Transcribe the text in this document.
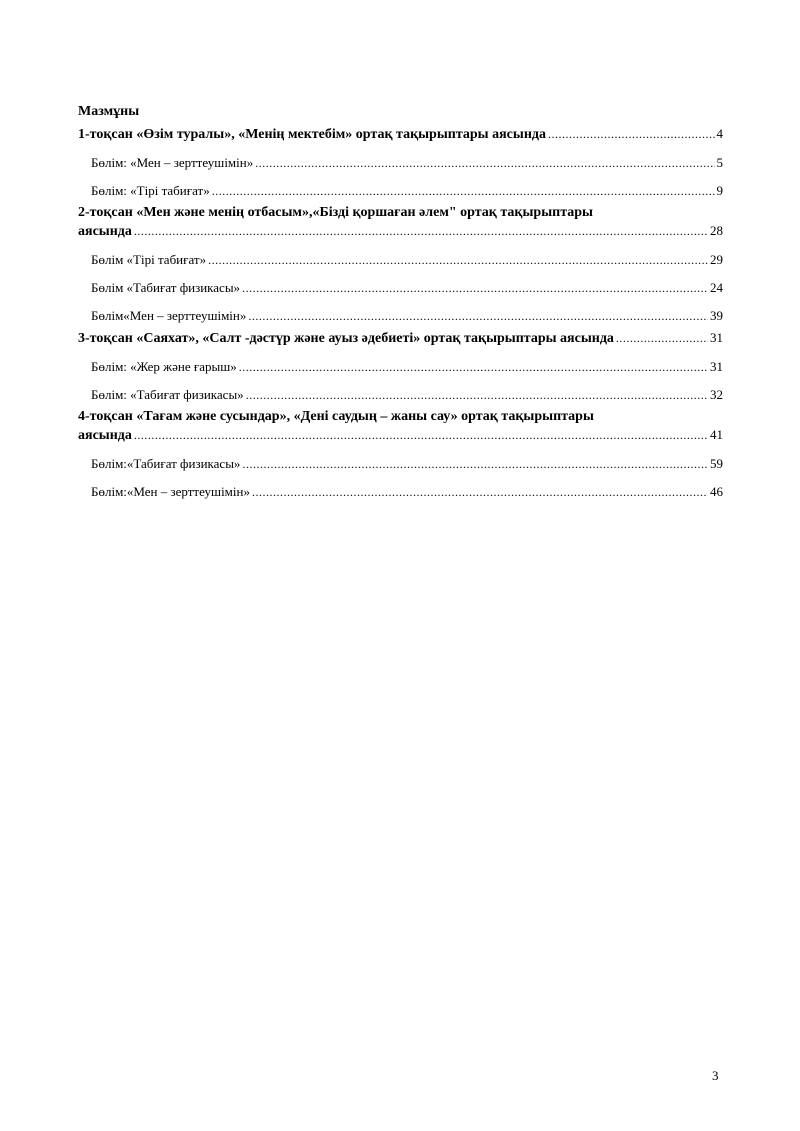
Мазмұны
1-тоқсан «Өзім туралы», «Менің мектебім» ортақ тақырыптары аясында .....	4
Бөлім: «Мен – зерттеушімін» .....	5
Бөлім: «Тірі табиғат» .....	9
2-тоқсан «Мен және менің отбасым»,«Бізді қоршаған әлем" ортақ тақырыптары
аясында .....	28
Бөлім «Тірі табиғат» .....	29
Бөлім «Табиғат физикасы» .....	24
Бөлім«Мен – зерттеушімін» .....	39
3-тоқсан «Саяхат», «Салт -дәстүр және ауыз әдебиеті» ортақ тақырыптары аясында .....	31
Бөлім: «Жер және ғарыш» .....	31
Бөлім: «Табиғат физикасы» .....	32
4-тоқсан «Тағам және сусындар», «Дені саудың – жаны сау» ортақ тақырыптары
аясында .....	41
Бөлім:«Табиғат физикасы» .....	59
Бөлім:«Мен – зерттеушімін» .....	46
3
